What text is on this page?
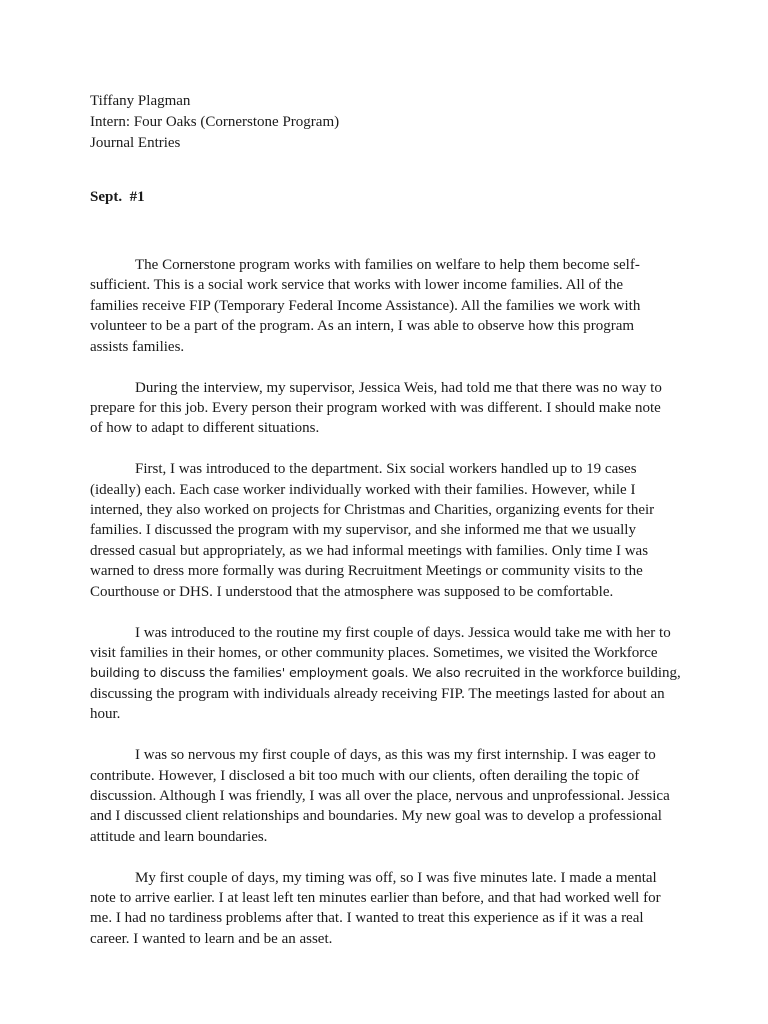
Tiffany Plagman
Intern: Four Oaks (Cornerstone Program)
Journal Entries
Sept.  #1

The Cornerstone program works with families on welfare to help them become self-
sufficient. This is a social work service that works with lower income families. All of the
families receive FIP (Temporary Federal Income Assistance). All the families we work with
volunteer to be a part of the program. As an intern, I was able to observe how this program
assists families.

During the interview, my supervisor, Jessica Weis, had told me that there was no way to
prepare for this job. Every person their program worked with was different. I should make note
of how to adapt to different situations.

First, I was introduced to the department. Six social workers handled up to 19 cases
(ideally) each. Each case worker individually worked with their families. However, while I
interned, they also worked on projects for Christmas and Charities, organizing events for their
families. I discussed the program with my supervisor, and she informed me that we usually
dressed casual but appropriately, as we had informal meetings with families. Only time I was
warned to dress more formally was during Recruitment Meetings or community visits to the
Courthouse or DHS. I understood that the atmosphere was supposed to be comfortable.

I was introduced to the routine my first couple of days. Jessica would take me with her to
visit families in their homes, or other community places. Sometimes, we visited the Workforce
building to discuss the families' employment goals. We also recruited in the workforce building,
discussing the program with individuals already receiving FIP. The meetings lasted for about an
hour.

I was so nervous my first couple of days, as this was my first internship. I was eager to
contribute. However, I disclosed a bit too much with our clients, often derailing the topic of
discussion. Although I was friendly, I was all over the place, nervous and unprofessional. Jessica
and I discussed client relationships and boundaries. My new goal was to develop a professional
attitude and learn boundaries.

My first couple of days, my timing was off, so I was five minutes late. I made a mental
note to arrive earlier. I at least left ten minutes earlier than before, and that had worked well for
me. I had no tardiness problems after that. I wanted to treat this experience as if it was a real
career. I wanted to learn and be an asset.
